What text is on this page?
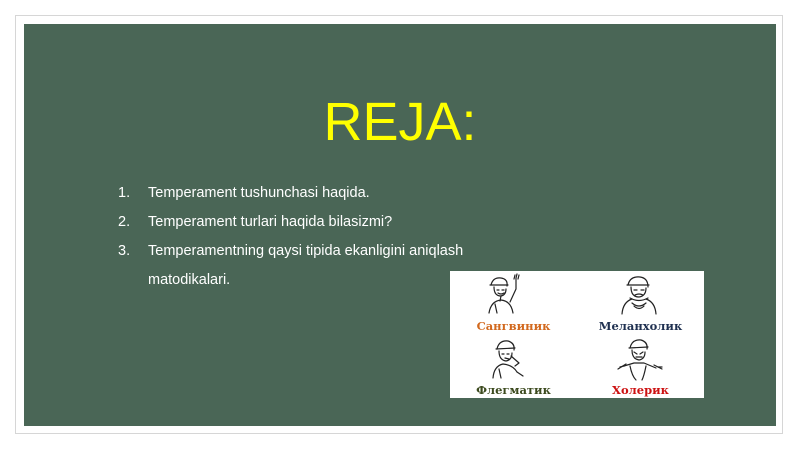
REJA:
1. Temperament tushunchasi haqida.
2. Temperament turlari haqida bilasizmi?
3. Temperamentning qaysi tipida ekanligini aniqlash matodikalari.
Сангвиник	Меланхолик
Флегматик	Холерик
